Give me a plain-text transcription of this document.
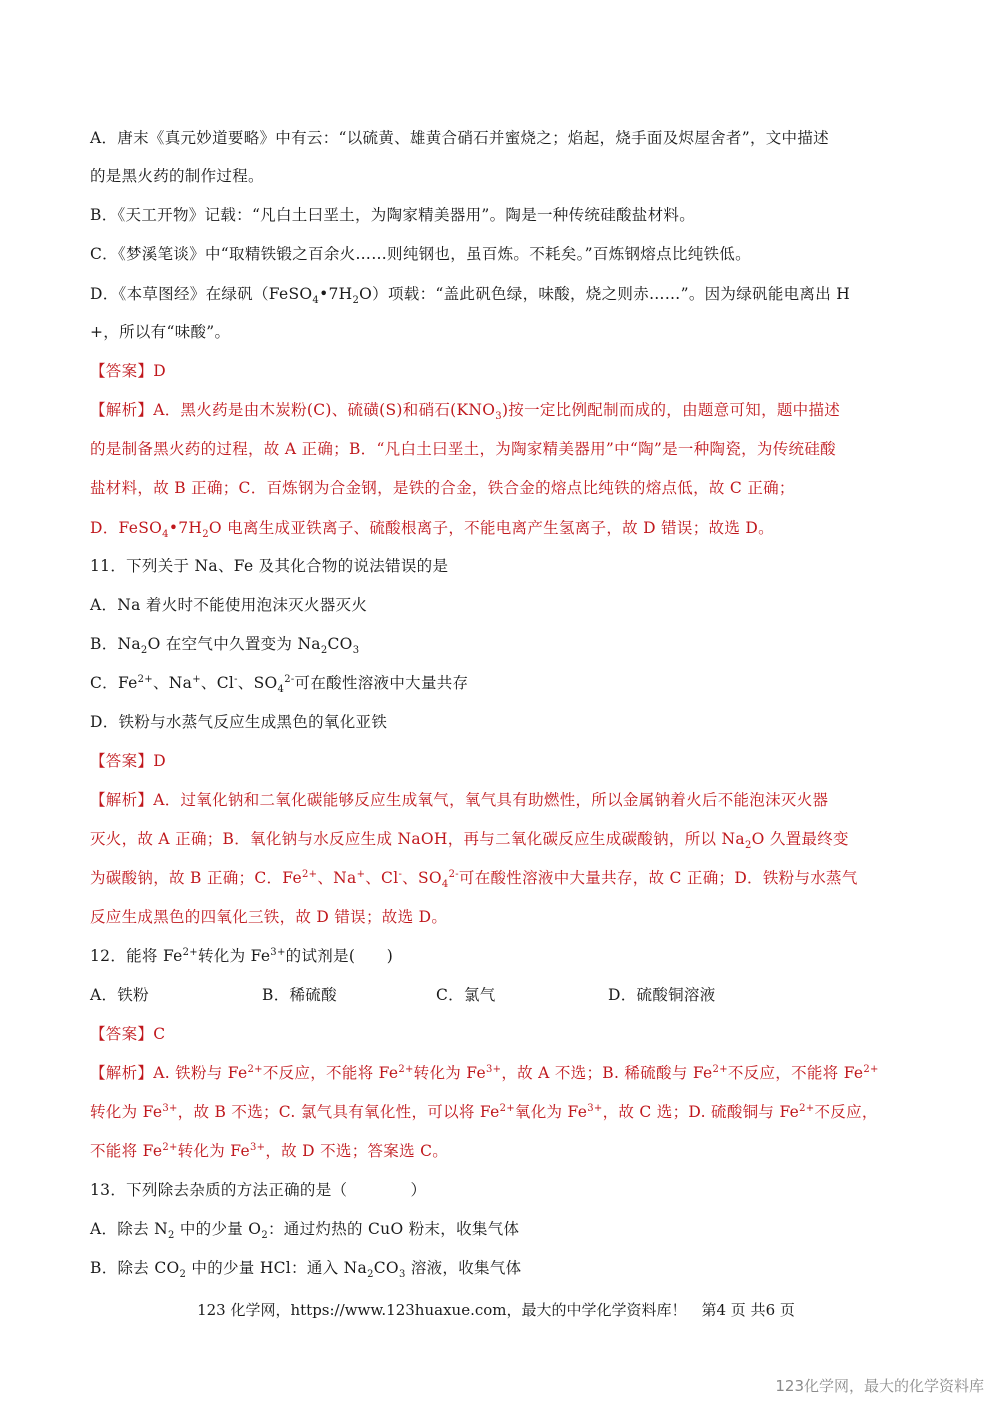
A．唐末《真元妙道要略》中有云：“以硫黄、雄黄合硝石并蜜烧之；焰起，烧手面及烬屋舍者”，文中描述
的是黑火药的制作过程。
B．《天工开物》记载：“凡白土曰垩土，为陶家精美器用”。陶是一种传统硅酸盐材料。
C．《梦溪笔谈》中“取精铁锻之百余火……则纯钢也，虽百炼。不耗矣。”百炼钢熔点比纯铁低。
D．《本草图经》在绿矾$(FeSO_4•7H_2O)$项载：“盖此矾色绿，味酸，烧之则赤……”。因为绿矾能电离出 H
+，所以有“味酸”。
【答案】D
【解析】A．黑火药是由木炭粉(C)、硫磺(S)和硝石$(KNO_3)$按一定比例配制而成的，由题意可知，题中描述
的是制备黑火药的过程，故 A 正确；B．“凡白土曰垩土，为陶家精美器用”中“陶”是一种陶瓷，为传统硅酸
盐材料，故 B 正确；C．百炼钢为合金钢，是铁的合金，铁合金的熔点比纯铁的熔点低，故 C 正确；
D．$FeSO_4•7H_2O$ 电离生成亚铁离子、硫酸根离子，不能电离产生氢离子，故 D 错误；故选 D。
11．下列关于 Na、Fe 及其化合物的说法错误的是
A．Na 着火时不能使用泡沫灭火器灭火
B．$Na_2O$ 在空气中久置变为 $Na_2CO_3$
C．$Fe^{2+}$、Na+、Cl-、$SO_4^{2-}$可在酸性溶液中大量共存
D．铁粉与水蒸气反应生成黑色的氧化亚铁
【答案】D
【解析】A．过氧化钠和二氧化碳能够反应生成氧气，氧气具有助燃性，所以金属钠着火后不能泡沫灭火器
灭火，故 A 正确；B．氧化钠与水反应生成 NaOH，再与二氧化碳反应生成碳酸钠，所以 $Na_2O$ 久置最终变
为碳酸钠，故 B 正确；C．$Fe^{2+}$、Na+、Cl-、$SO_4^{2-}$可在酸性溶液中大量共存，故 C 正确；D．铁粉与水蒸气
反应生成黑色的四氧化三铁，故 D 错误；故选 D。
12．能将 $Fe^{2+}$转化为 $Fe^{3+}$的试剂是(　　)
A．铁粉	B．稀硫酸	C．氯气	D．硫酸铜溶液
【答案】C
【解析】A. 铁粉与 $Fe^{2+}$不反应，不能将 $Fe^{2+}$转化为 $Fe^{3+}$，故 A 不选；B. 稀硫酸与 $Fe^{2+}$不反应，不能将 $Fe^{2+}$
转化为 $Fe^{3+}$，故 B 不选；C. 氯气具有氧化性，可以将 $Fe^{2+}$氧化为 $Fe^{3+}$，故 C 选；D. 硫酸铜与 $Fe^{2+}$不反应，
不能将 $Fe^{2+}$转化为 $Fe^{3+}$，故 D 不选；答案选 C。
13．下列除去杂质的方法正确的是（　　　　）
A．除去 $N_2$ 中的少量 $O_2$：通过灼热的 CuO 粉末，收集气体
B．除去 $CO_2$ 中的少量 HCl：通入 $Na_2CO_3$ 溶液，收集气体
123 化学网，https://www.123huaxue.com，最大的中学化学资料库！　第4 页 共6 页
123化学网，最大的化学资料库
